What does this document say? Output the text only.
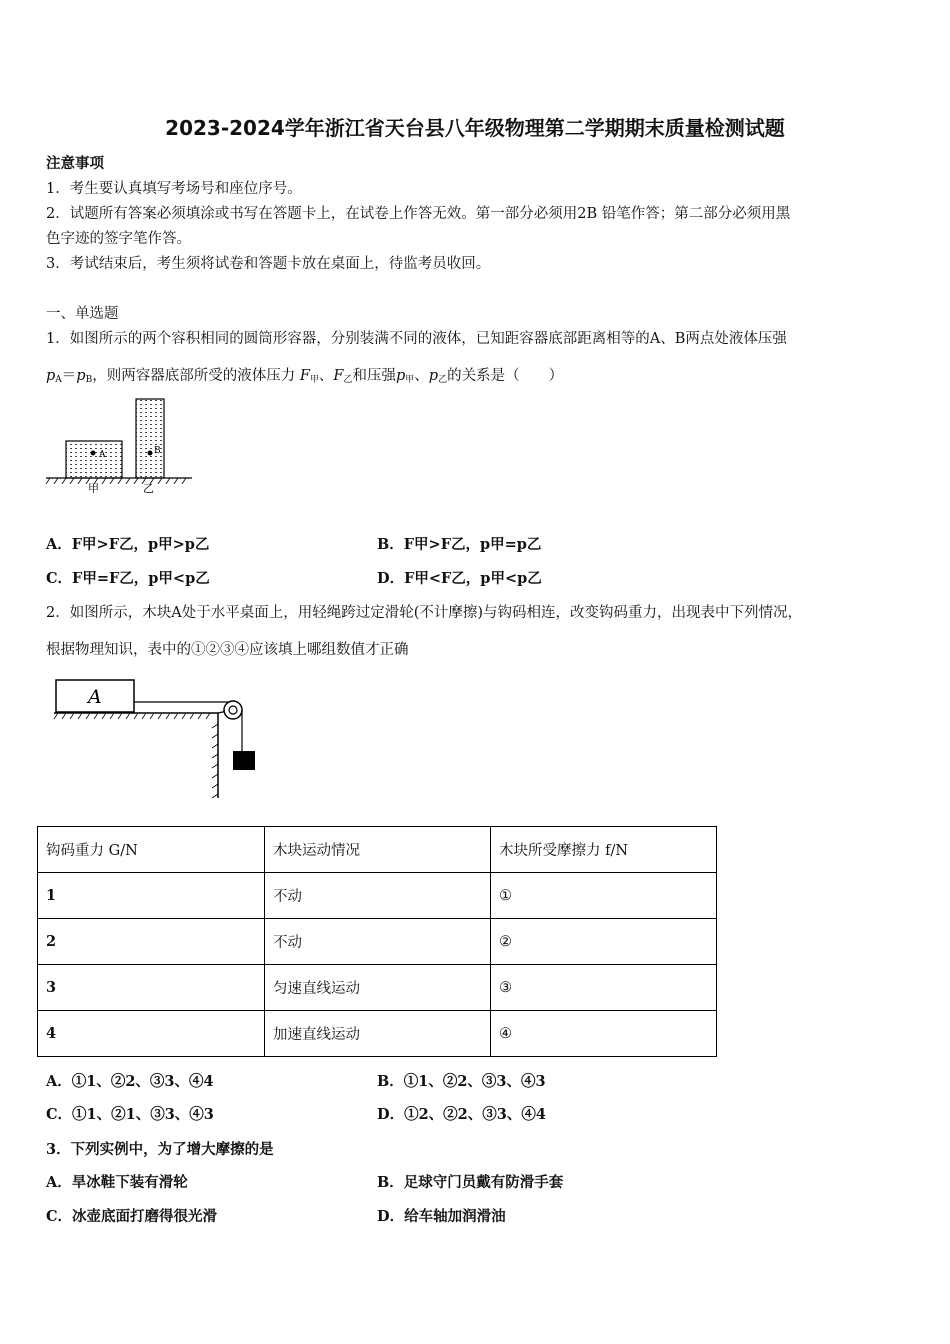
2023-2024学年浙江省天台县八年级物理第二学期期末质量检测试题
注意事项
1．考生要认真填写考场号和座位序号。
2．试题所有答案必须填涂或书写在答题卡上，在试卷上作答无效。第一部分必须用2B 铅笔作答；第二部分必须用黑
色字迹的签字笔作答。
3．考试结束后，考生须将试卷和答题卡放在桌面上，待监考员收回。
一、单选题
1．如图所示的两个容积相同的圆筒形容器，分别装满不同的液体，已知距容器底部距离相等的A、B两点处液体压强
$p_A=p_B$，则两容器底部所受的液体压力 $F_甲$、$F_乙$和压强$p_甲$、$p_乙$的关系是（　　）
A	B
甲	乙
A．F甲>F乙，p甲>p乙	B．F甲>F乙，p甲=p乙
C．F甲=F乙，p甲<p乙	D．F甲<F乙，p甲<p乙
2．如图所示，木块A处于水平桌面上，用轻绳跨过定滑轮(不计摩擦)与钩码相连，改变钩码重力，出现表中下列情况，
根据物理知识，表中的①②③④应该填上哪组数值才正确
A
钩码重力 G/N	木块运动情况	木块所受摩擦力 f/N
1	不动	①
2	不动	②
3	匀速直线运动	③
4	加速直线运动	④
A．①1、②2、③3、④4	B．①1、②2、③3、④3
C．①1、②1、③3、④3	D．①2、②2、③3、④4
3．下列实例中，为了增大摩擦的是
A．旱冰鞋下装有滑轮	B．足球守门员戴有防滑手套
C．冰壶底面打磨得很光滑	D．给车轴加润滑油
